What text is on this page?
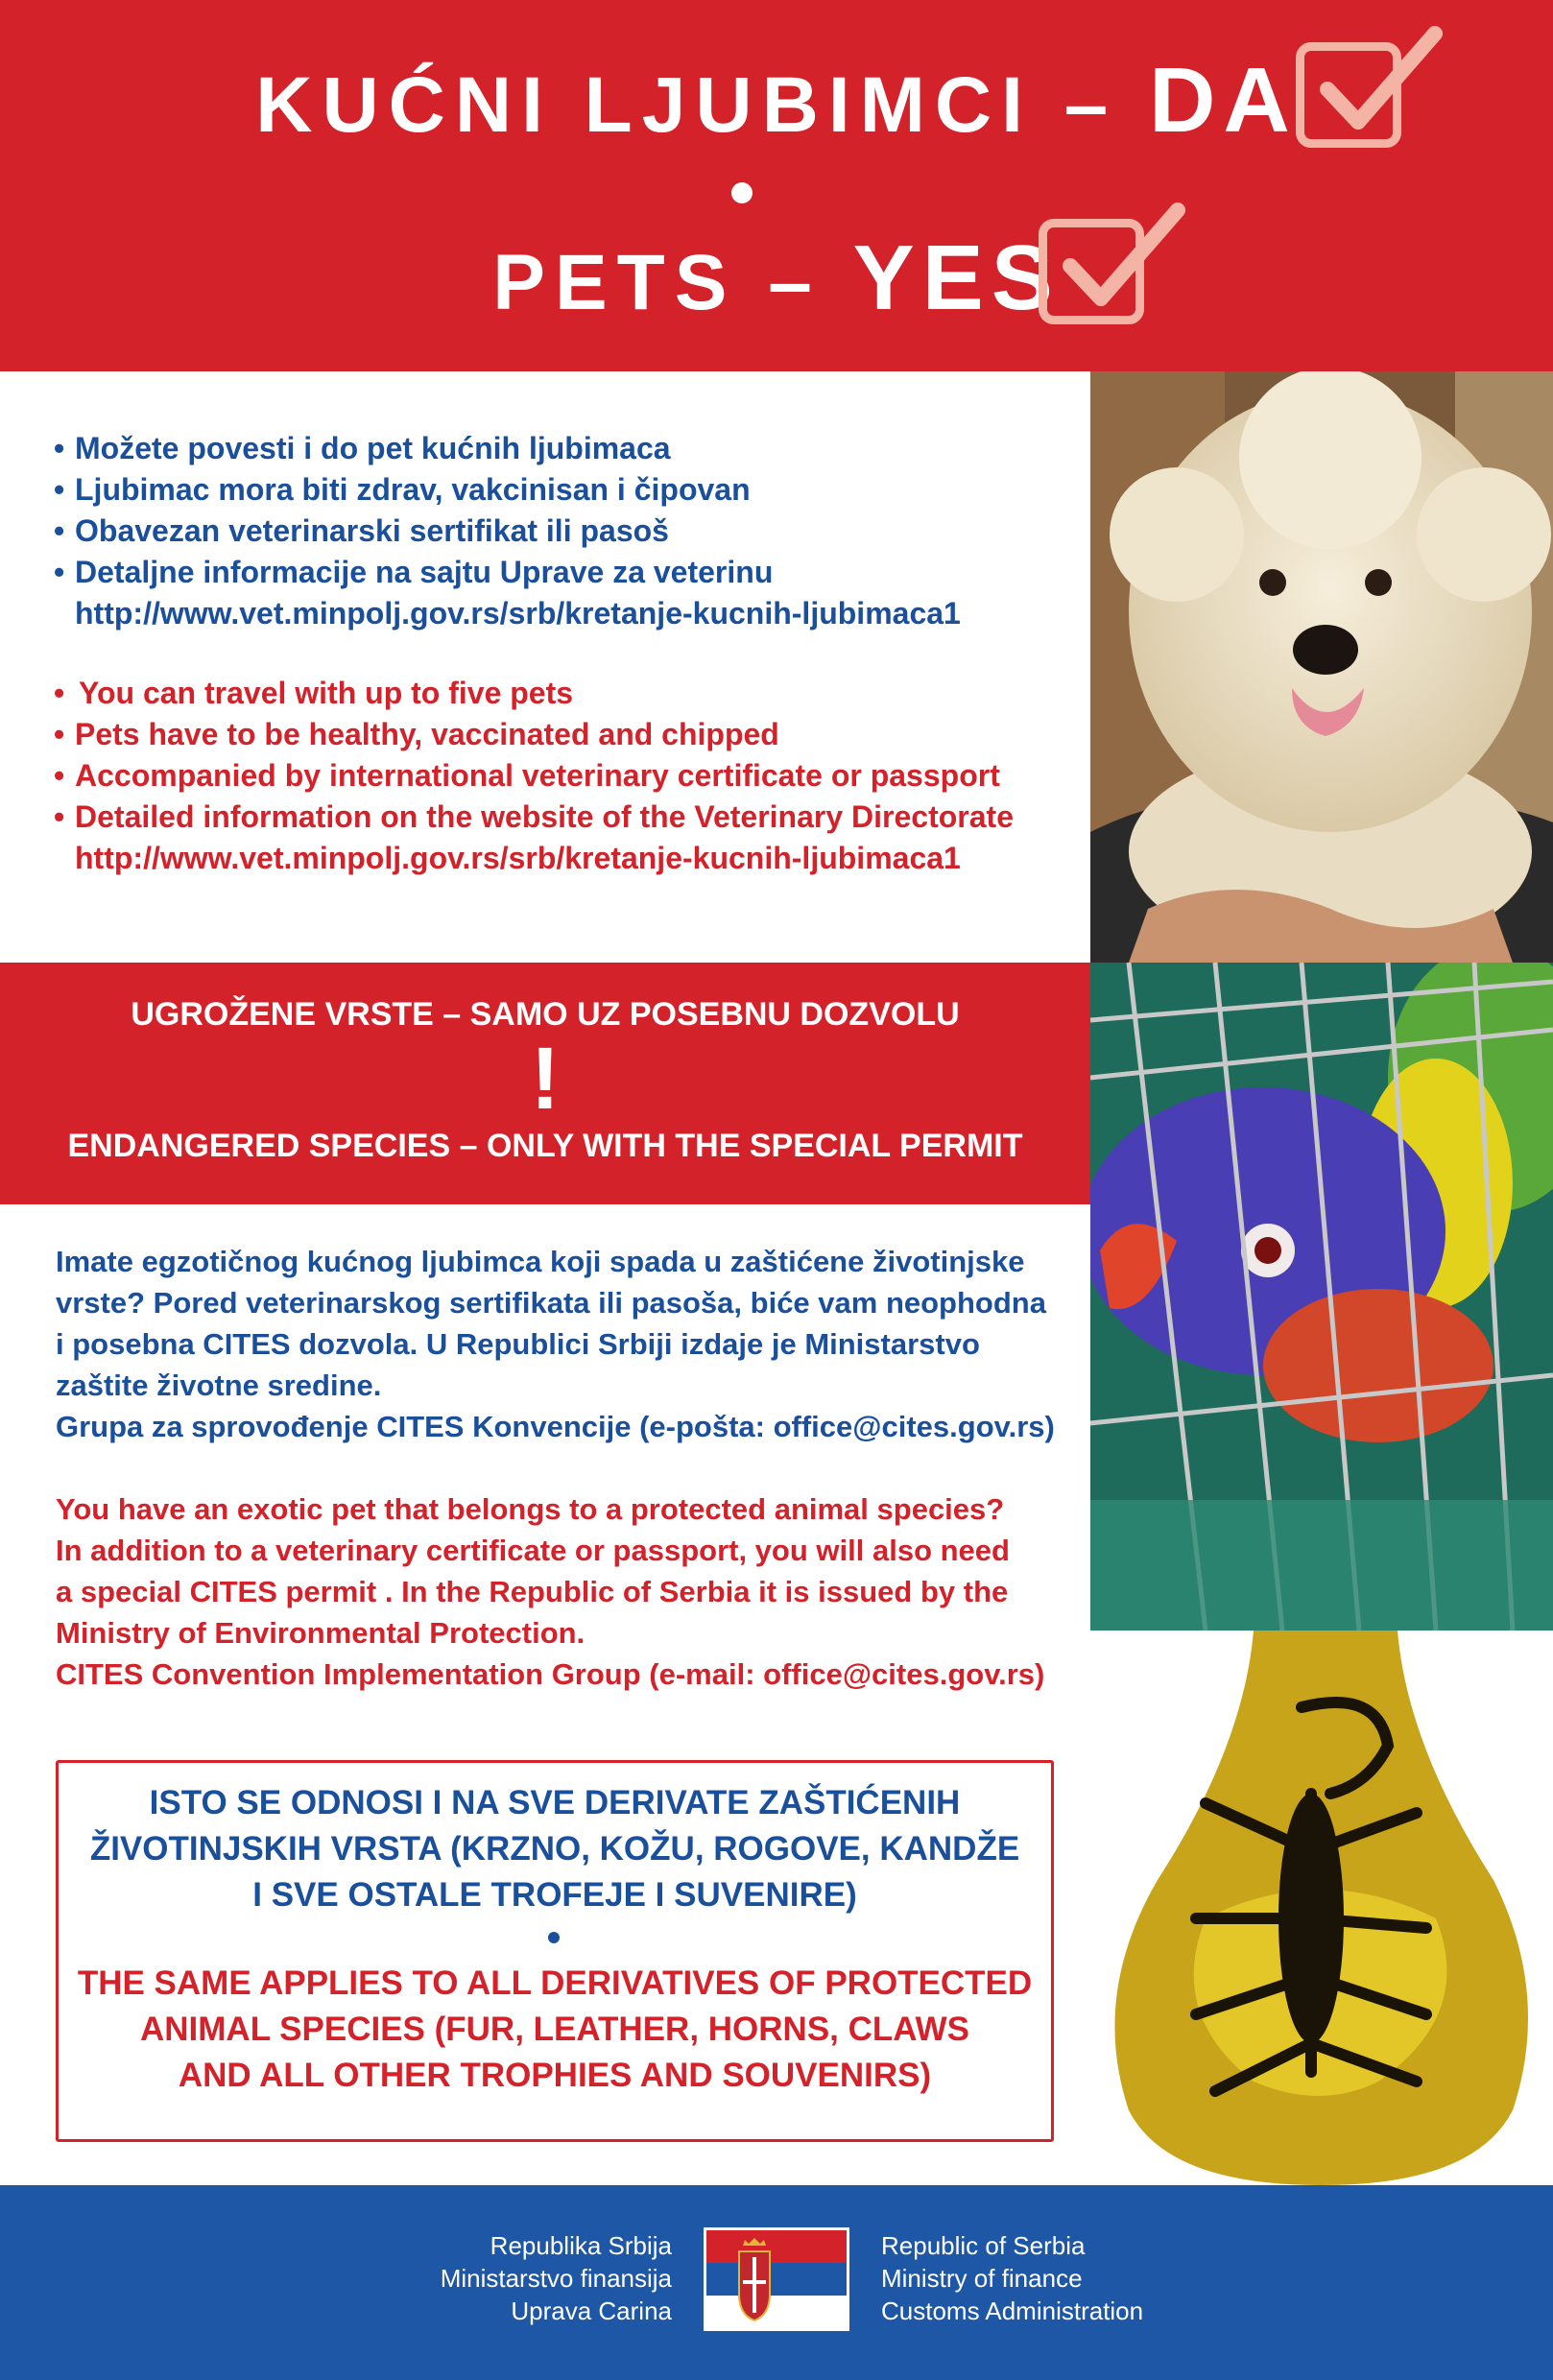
KUĆNI LJUBIMCI – DA
PETS – YES
• Možete povesti i do pet kućnih ljubimaca
• Ljubimac mora biti zdrav, vakcinisan i čipovan
• Obavezan veterinarski sertifikat ili pasoš
• Detaljne informacije na sajtu Uprave za veterinu
http://www.vet.minpolj.gov.rs/srb/kretanje-kucnih-ljubimaca1
• You can travel with up to five pets
• Pets have to be healthy, vaccinated and chipped
• Accompanied by international veterinary certificate or passport
• Detailed information on the website of the Veterinary Directorate
http://www.vet.minpolj.gov.rs/srb/kretanje-kucnih-ljubimaca1
UGROŽENE VRSTE – SAMO UZ POSEBNU DOZVOLU
!
ENDANGERED SPECIES – ONLY WITH THE SPECIAL PERMIT
Imate egzotičnog kućnog ljubimca koji spada u zaštićene životinjske
vrste? Pored veterinarskog sertifikata ili pasoša, biće vam neophodna
i posebna CITES dozvola. U Republici Srbiji izdaje je Ministarstvo
zaštite životne sredine.
Grupa za sprovođenje CITES Konvencije (e-pošta: office@cites.gov.rs)
You have an exotic pet that belongs to a protected animal species?
In addition to a veterinary certificate or passport, you will also need
a special CITES permit . In the Republic of Serbia it is issued by the
Ministry of Environmental Protection.
CITES Convention Implementation Group (e-mail: office@cites.gov.rs)
ISTO SE ODNOSI I NA SVE DERIVATE ZAŠTIĆENIH
ŽIVOTINJSKIH VRSTA (KRZNO, KOŽU, ROGOVE, KANDŽE
I SVE OSTALE TROFEJE I SUVENIRE)
THE SAME APPLIES TO ALL DERIVATIVES OF PROTECTED
ANIMAL SPECIES (FUR, LEATHER, HORNS, CLAWS
AND ALL OTHER TROPHIES AND SOUVENIRS)
Republika Srbija
Ministarstvo finansija
Uprava Carina
Republic of Serbia
Ministry of finance
Customs Administration
